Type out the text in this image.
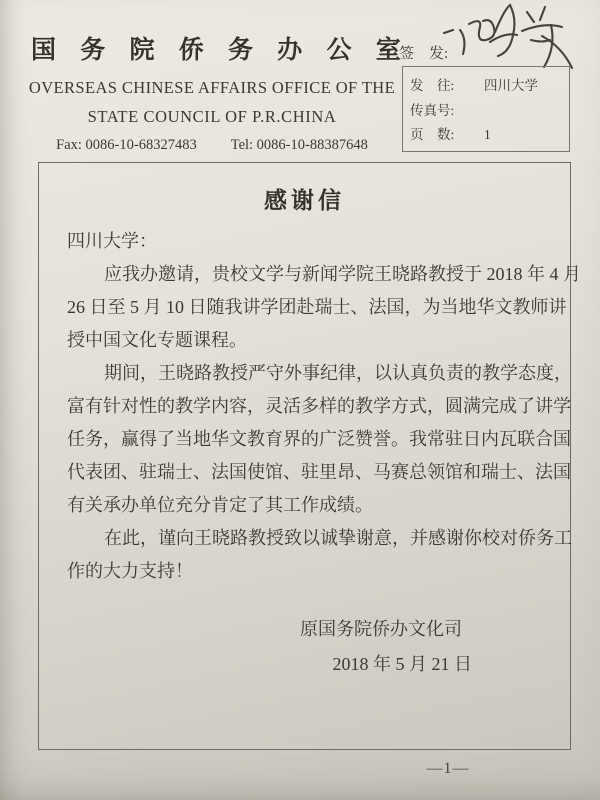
国 务 院 侨 务 办 公 室
OVERSEAS CHINESE AFFAIRS OFFICE OF THE
STATE COUNCIL OF P.R.CHINA
Fax: 0086-10-68327483 Tel: 0086-10-88387648
签　发:
发　往:	四川大学
传真号:
页　数:	1
感谢信
四川大学：
应我办邀请，贵校文学与新闻学院王晓路教授于 2018 年 4 月
26 日至 5 月 10 日随我讲学团赴瑞士、法国，为当地华文教师讲
授中国文化专题课程。
期间，王晓路教授严守外事纪律，以认真负责的教学态度，
富有针对性的教学内容，灵活多样的教学方式，圆满完成了讲学
任务，赢得了当地华文教育界的广泛赞誉。我常驻日内瓦联合国
代表团、驻瑞士、法国使馆、驻里昂、马赛总领馆和瑞士、法国
有关承办单位充分肯定了其工作成绩。
在此，谨向王晓路教授致以诚挚谢意，并感谢你校对侨务工
作的大力支持！
原国务院侨办文化司
2018 年 5 月 21 日
—1—
